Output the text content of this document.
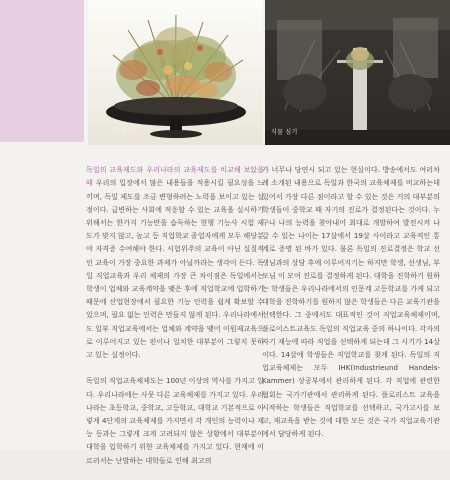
Strauss	식물 심기

독일의 교육제도와 우리나라의 교육제도를 비교해 보았을 때 우리의 입장에서 많은 내용들을 적용시킬 필요성을 느끼며, 독일 제도를 조금 변형하려는 노력을 보이고 있는 실정이다. 급변하는 사회에 적응할 수 있는 교육을 실시하기 위해서는 한가지 기능만을 습득하는 현행 기능사 시험 제도가 맞지 않고, 높고 등 직업학교 졸업자에게 모두 해당분야 자격증 수여해야 한다. 시험위주의 교육이 아닌 실질적인 교육이 가장 중요한 과제가 아닐까라는 생각이 든다. 독일 직업교육과 우리 체제의 가장 큰 차이점은 독일에서는 학생이 업체와 교육계약을 맺은 후에 직업학교에 입학하기 때문에 산업현장에서 필요한 기능 인력을 쉽게 확보할 수 있으며, 필요 없는 인력은 만들지 않게 된다. 우리나라에서도 일부 직업교육에서는 업체와 계약을 맺어 이원제교육으로 이루어지고 있는 편이나 일치한 대부분이 그렇지 못하고 있는 실정이다.

독일의 직업교육체제도는 100년 이상의 역사를 가지고 있다. 우리나라에는 사뭇 다른 교육체제를 가지고 있다. 우리나라는 초등학교, 중학교, 고등학교, 대학교 기본적으로 이렇게 4단계의 교육체제를 가지면서 각 개인의 능력이나 재능 등과는 그렇게 크게 고려되지 않은 상황에서 대부분이 대학을 입학하기 위한 교육체제를 가지고 있다. 현재에 이르러서는 난발하는 대학들로 인해 최고의

가 너무나 당연시 되고 있는 현실이다. 방송에서도 여러차례 소개된 내용으로 독일과 한국의 교육체제를 비교하는데 있어서 가장 다른 점이라고 할 수 있는 것은 거의 대부분의 학생들이 중학교 때 자기의 진로가 결정된다는 것이다. 누구나 나의 능력을 찾아내어 최대로 개발하여 발전시켜 나갈 수 있는 나이는 17살에서 19살 사이라고 교육적인 통계로 증명 된 바가 있다. 물론 독일의 진로결정은 학교 선생님과의 상담 후에 이루어지기는 하지만 학생, 선생님, 부모님 이 모여 진로를 결정하게 된다. 대학을 진학하기 원하는 학생들은 우리나라에서의 인문계 고등학교를 가게 되고 대학을 진학하기를 원하지 않은 학생들은 다른 교육기관을 선택한다. 그 중에서도 대표적인 것이 직업교육체제이며, 플로이스트교육도 독일의 직업교육 중의 하나이다. 각자의 자기 재능에 따라 직업을 선택하게 되는데 그 시기가 14살이다. 14살에 학생들은 직업학교를 찾게 된다. 독일의 직업교육체제는 모두 IHK(Industrieund Handels-Kammer) 상공부에서 관리하게 된다. 각 직업에 관련한 협회는 국가기관에서 관리하게 된다. 플로리스트 교육을 시작하는 학생들은 직업학교를 선택하고, 국가고시를 보고, 재교육을 받는 것에 대한 모든 것은 국가 직업교육기관에서 담당하게 된다.
